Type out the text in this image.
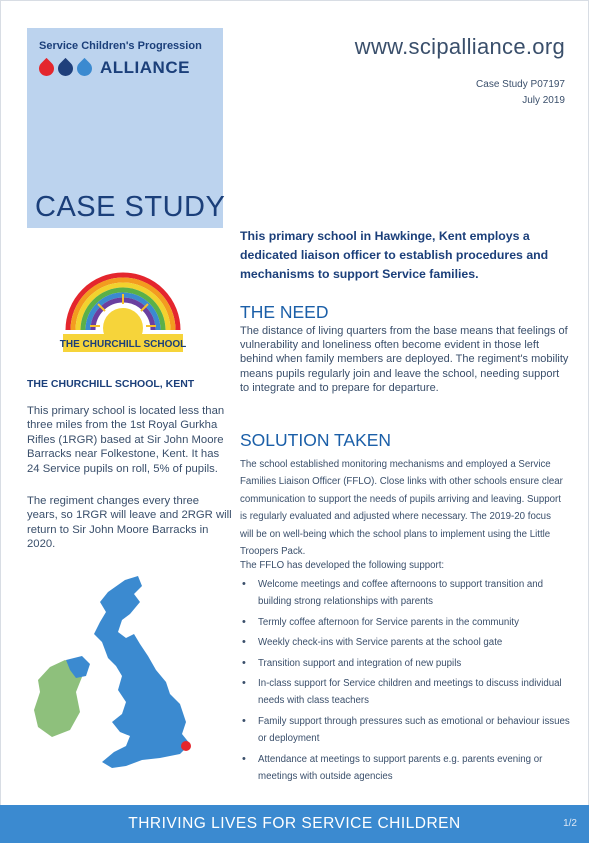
Service Children's Progression
ALLIANCE
CASE STUDY
www.scipalliance.org
Case Study P07197
July 2019
THE CHURCHILL SCHOOL
THE CHURCHILL SCHOOL, KENT

This primary school is located less than three miles from the 1st Royal Gurkha Rifles (1RGR) based at Sir John Moore Barracks near Folkestone, Kent. It has 24 Service pupils on roll, 5% of pupils.

The regiment changes every three years, so 1RGR will leave and 2RGR will return to Sir John Moore Barracks in 2020.

This primary school in Hawkinge, Kent employs a dedicated liaison officer to establish procedures and mechanisms to support Service families.

THE NEED

The distance of living quarters from the base means that feelings of vulnerability and loneliness often become evident in those left behind when family members are deployed. The regiment's mobility means pupils regularly join and leave the school, needing support to integrate and to prepare for departure.

SOLUTION TAKEN

The school established monitoring mechanisms and employed a Service Families Liaison Officer (FFLO). Close links with other schools ensure clear communication to support the needs of pupils arriving and leaving. Support is regularly evaluated and adjusted where necessary. The 2019-20 focus will be on well-being which the school plans to implement using the Little Troopers Pack.

The FFLO has developed the following support:

• Welcome meetings and coffee afternoons to support transition and building strong relationships with parents
• Termly coffee afternoon for Service parents in the community
• Weekly check-ins with Service parents at the school gate
• Transition support and integration of new pupils
• In-class support for Service children and meetings to discuss individual needs with class teachers
• Family support through pressures such as emotional or behaviour issues or deployment
• Attendance at meetings to support parents e.g. parents evening or meetings with outside agencies
THRIVING LIVES FOR SERVICE CHILDREN	1/2
